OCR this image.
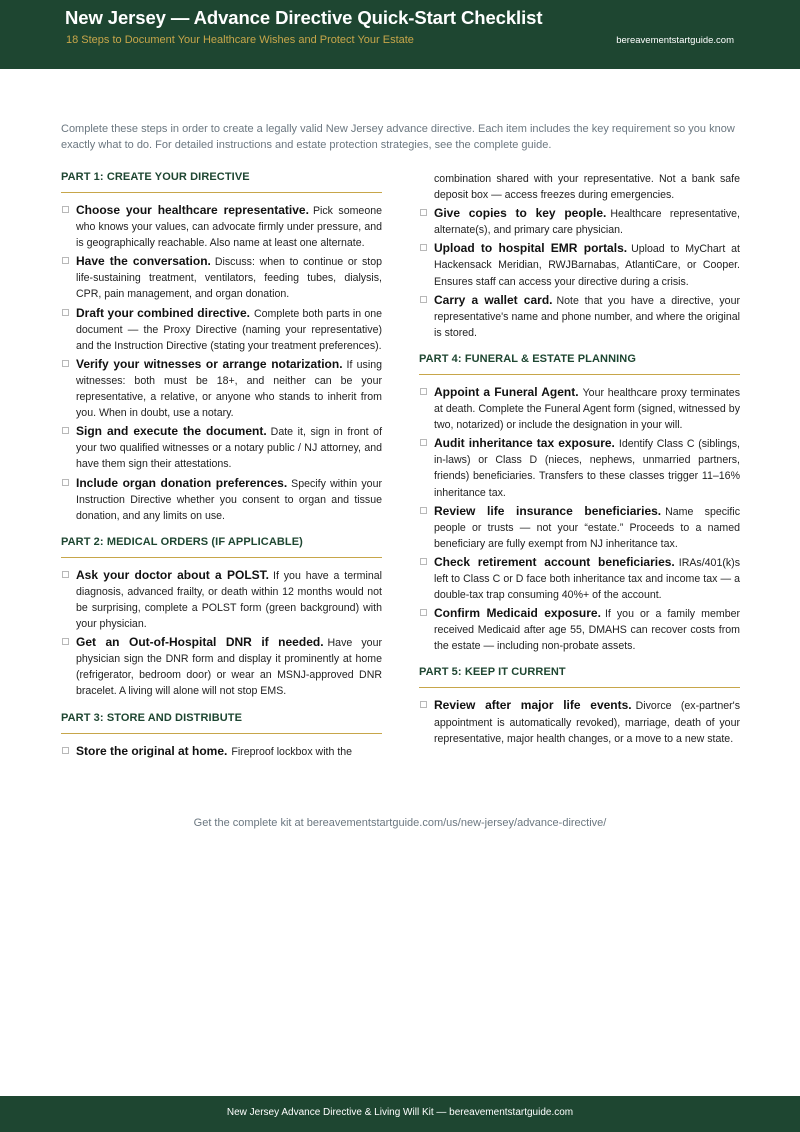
New Jersey — Advance Directive Quick-Start Checklist
18 Steps to Document Your Healthcare Wishes and Protect Your Estate	bereavementstartguide.com
Complete these steps in order to create a legally valid New Jersey advance directive. Each item includes the key requirement so you know exactly what to do. For detailed instructions and estate protection strategies, see the complete guide.
PART 1: CREATE YOUR DIRECTIVE
Choose your healthcare representative. Pick someone who knows your values, can advocate firmly under pressure, and is geographically reachable. Also name at least one alternate.
Have the conversation. Discuss: when to continue or stop life-sustaining treatment, ventilators, feeding tubes, dialysis, CPR, pain management, and organ donation.
Draft your combined directive. Complete both parts in one document — the Proxy Directive (naming your representative) and the Instruction Directive (stating your treatment preferences).
Verify your witnesses or arrange notarization. If using witnesses: both must be 18+, and neither can be your representative, a relative, or anyone who stands to inherit from you. When in doubt, use a notary.
Sign and execute the document. Date it, sign in front of your two qualified witnesses or a notary public / NJ attorney, and have them sign their attestations.
Include organ donation preferences. Specify within your Instruction Directive whether you consent to organ and tissue donation, and any limits on use.
PART 2: MEDICAL ORDERS (IF APPLICABLE)
Ask your doctor about a POLST. If you have a terminal diagnosis, advanced frailty, or death within 12 months would not be surprising, complete a POLST form (green background) with your physician.
Get an Out-of-Hospital DNR if needed. Have your physician sign the DNR form and display it prominently at home (refrigerator, bedroom door) or wear an MSNJ-approved DNR bracelet. A living will alone will not stop EMS.
PART 3: STORE AND DISTRIBUTE
Store the original at home. Fireproof lockbox with the
combination shared with your representative. Not a bank safe deposit box — access freezes during emergencies.
Give copies to key people. Healthcare representative, alternate(s), and primary care physician.
Upload to hospital EMR portals. Upload to MyChart at Hackensack Meridian, RWJBarnabas, AtlantiCare, or Cooper. Ensures staff can access your directive during a crisis.
Carry a wallet card. Note that you have a directive, your representative's name and phone number, and where the original is stored.
PART 4: FUNERAL & ESTATE PLANNING
Appoint a Funeral Agent. Your healthcare proxy terminates at death. Complete the Funeral Agent form (signed, witnessed by two, notarized) or include the designation in your will.
Audit inheritance tax exposure. Identify Class C (siblings, in-laws) or Class D (nieces, nephews, unmarried partners, friends) beneficiaries. Transfers to these classes trigger 11–16% inheritance tax.
Review life insurance beneficiaries. Name specific people or trusts — not your “estate.” Proceeds to a named beneficiary are fully exempt from NJ inheritance tax.
Check retirement account beneficiaries. IRAs/401(k)s left to Class C or D face both inheritance tax and income tax — a double-tax trap consuming 40%+ of the account.
Confirm Medicaid exposure. If you or a family member received Medicaid after age 55, DMAHS can recover costs from the estate — including non-probate assets.
PART 5: KEEP IT CURRENT
Review after major life events. Divorce (ex-partner's appointment is automatically revoked), marriage, death of your representative, major health changes, or a move to a new state.
Get the complete kit at bereavementstartguide.com/us/new-jersey/advance-directive/
New Jersey Advance Directive & Living Will Kit — bereavementstartguide.com
